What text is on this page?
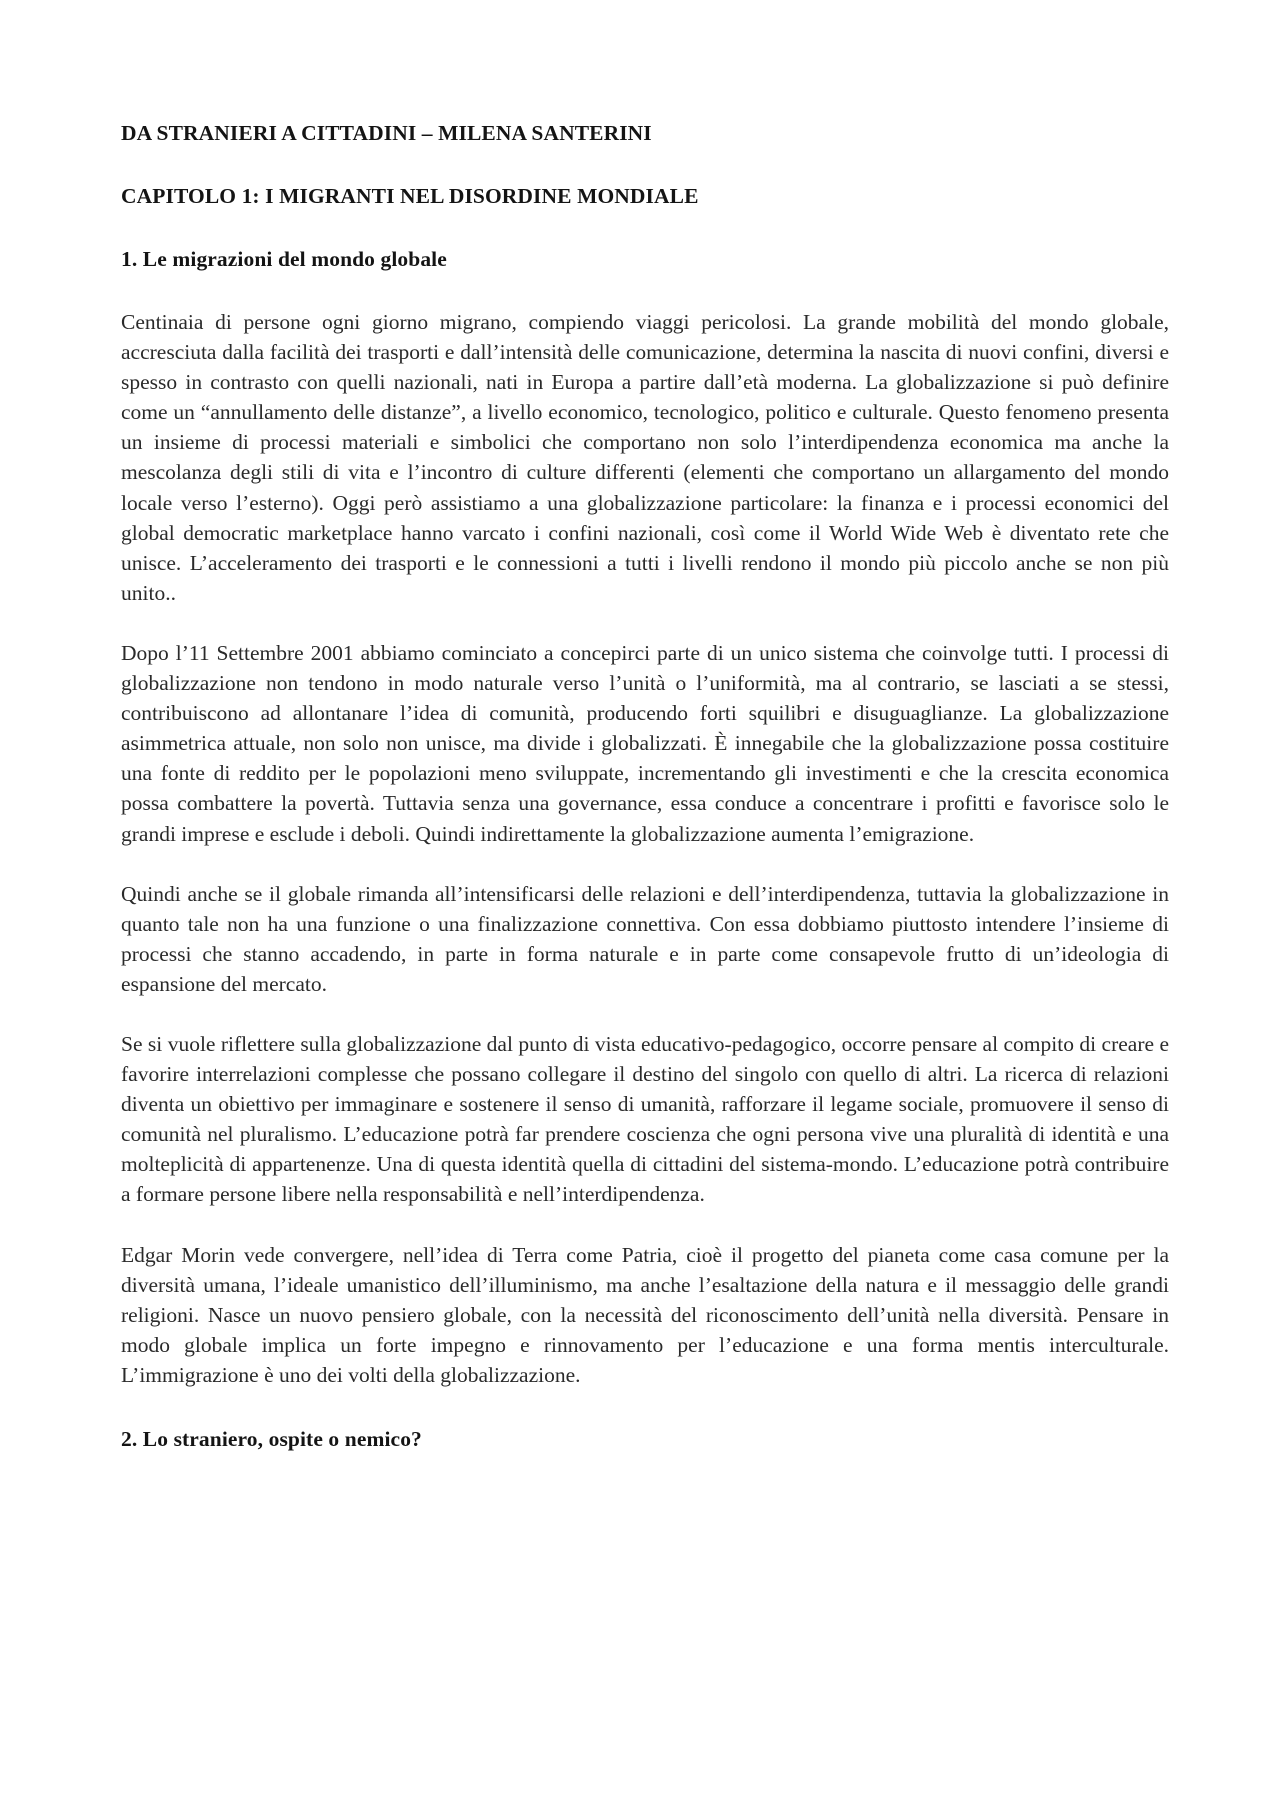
DA STRANIERI A CITTADINI – MILENA SANTERINI
CAPITOLO 1: I MIGRANTI NEL DISORDINE MONDIALE
1. Le migrazioni del mondo globale

Centinaia di persone ogni giorno migrano, compiendo viaggi pericolosi. La grande mobilità del mondo globale, accresciuta dalla facilità dei trasporti e dall’intensità delle comunicazione, determina la nascita di nuovi confini, diversi e spesso in contrasto con quelli nazionali, nati in Europa a partire dall’età moderna. La globalizzazione si può definire come un “annullamento delle distanze”, a livello economico, tecnologico, politico e culturale. Questo fenomeno presenta un insieme di processi materiali e simbolici che comportano non solo l’interdipendenza economica ma anche la mescolanza degli stili di vita e l’incontro di culture differenti (elementi che comportano un allargamento del mondo locale verso l’esterno). Oggi però assistiamo a una globalizzazione particolare: la finanza e i processi economici del global democratic marketplace hanno varcato i confini nazionali, così come il World Wide Web è diventato rete che unisce. L’acceleramento dei trasporti e le connessioni a tutti i livelli rendono il mondo più piccolo anche se non più unito..

Dopo l’11 Settembre 2001 abbiamo cominciato a concepirci parte di un unico sistema che coinvolge tutti. I processi di globalizzazione non tendono in modo naturale verso l’unità o l’uniformità, ma al contrario, se lasciati a se stessi, contribuiscono ad allontanare l’idea di comunità, producendo forti squilibri e disuguaglianze. La globalizzazione asimmetrica attuale, non solo non unisce, ma divide i globalizzati. È innegabile che la globalizzazione possa costituire una fonte di reddito per le popolazioni meno sviluppate, incrementando gli investimenti e che la crescita economica possa combattere la povertà. Tuttavia senza una governance, essa conduce a concentrare i profitti e favorisce solo le grandi imprese e esclude i deboli. Quindi indirettamente la globalizzazione aumenta l’emigrazione.

Quindi anche se il globale rimanda all’intensificarsi delle relazioni e dell’interdipendenza, tuttavia la globalizzazione in quanto tale non ha una funzione o una finalizzazione connettiva. Con essa dobbiamo piuttosto intendere l’insieme di processi che stanno accadendo, in parte in forma naturale e in parte come consapevole frutto di un’ideologia di espansione del mercato.

Se si vuole riflettere sulla globalizzazione dal punto di vista educativo-pedagogico, occorre pensare al compito di creare e favorire interrelazioni complesse che possano collegare il destino del singolo con quello di altri. La ricerca di relazioni diventa un obiettivo per immaginare e sostenere il senso di umanità, rafforzare il legame sociale, promuovere il senso di comunità nel pluralismo. L’educazione potrà far prendere coscienza che ogni persona vive una pluralità di identità e una molteplicità di appartenenze. Una di questa identità quella di cittadini del sistema-mondo. L’educazione potrà contribuire a formare persone libere nella responsabilità e nell’interdipendenza.

Edgar Morin vede convergere, nell’idea di Terra come Patria, cioè il progetto del pianeta come casa comune per la diversità umana, l’ideale umanistico dell’illuminismo, ma anche l’esaltazione della natura e il messaggio delle grandi religioni. Nasce un nuovo pensiero globale, con la necessità del riconoscimento dell’unità nella diversità. Pensare in modo globale implica un forte impegno e rinnovamento per l’educazione e una forma mentis interculturale. L’immigrazione è uno dei volti della globalizzazione.

2. Lo straniero, ospite o nemico?
